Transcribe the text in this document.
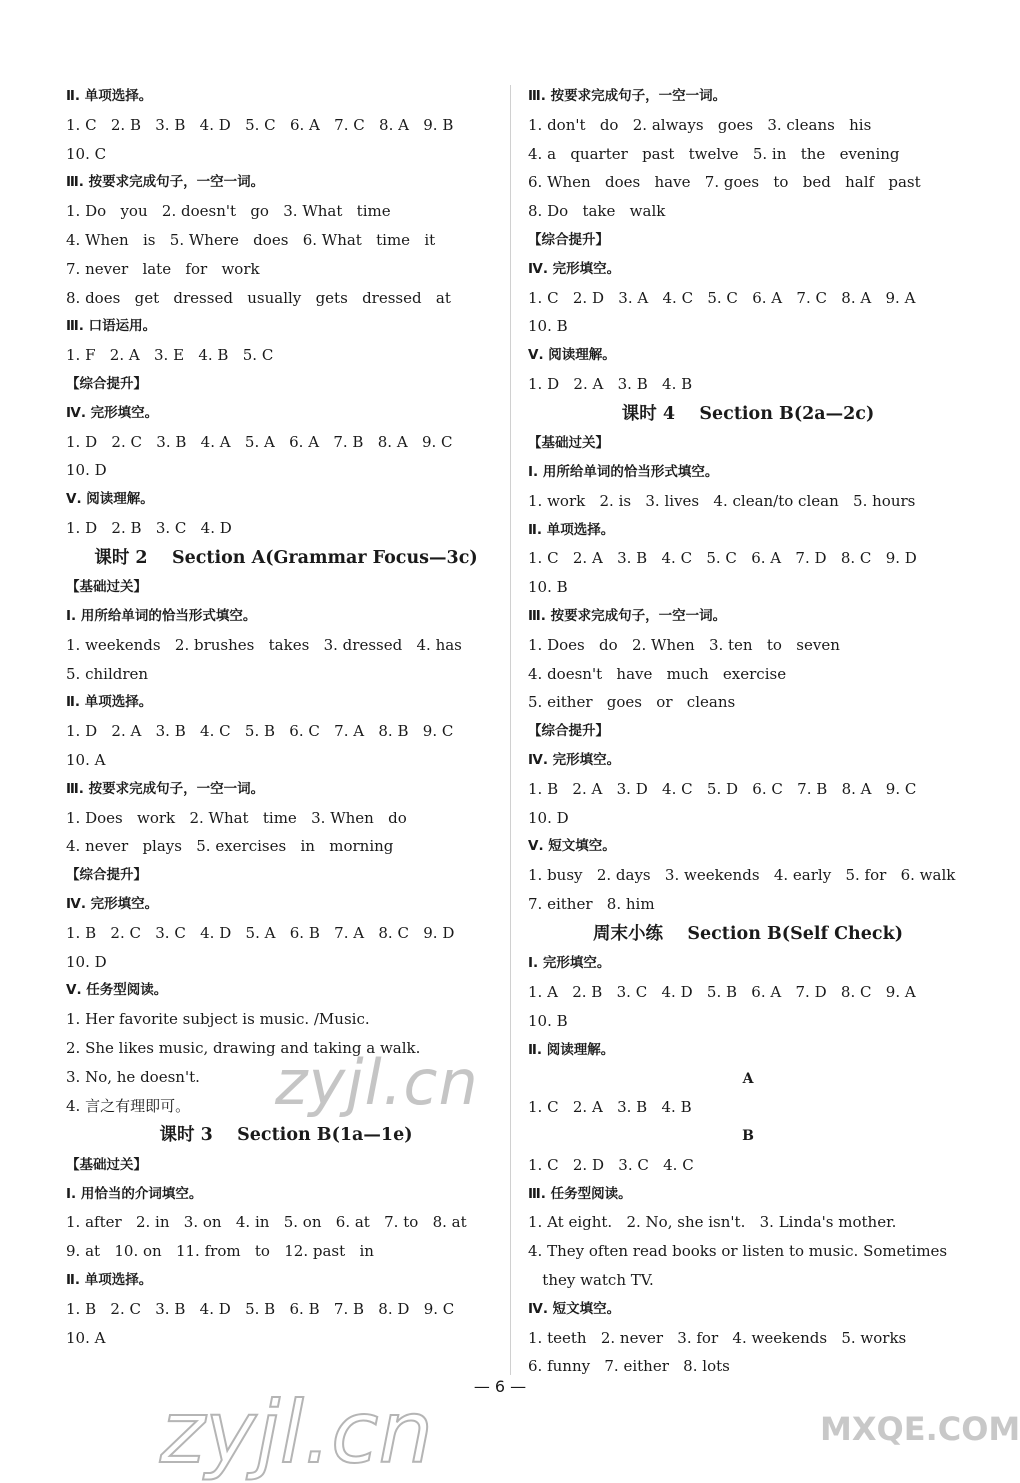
Ⅱ. 单项选择。
1. C   2. B   3. B   4. D   5. C   6. A   7. C   8. A   9. B
10. C
Ⅲ. 按要求完成句子，一空一词。
1. Do   you   2. doesn't   go   3. What   time
4. When   is   5. Where   does   6. What   time   it
7. never   late   for   work
8. does   get   dressed   usually   gets   dressed   at
Ⅲ. 口语运用。
1. F   2. A   3. E   4. B   5. C
【综合提升】
Ⅳ. 完形填空。
1. D   2. C   3. B   4. A   5. A   6. A   7. B   8. A   9. C
10. D
Ⅴ. 阅读理解。
1. D   2. B   3. C   4. D
课时 2    Section A(Grammar Focus—3c)
【基础过关】
Ⅰ. 用所给单词的恰当形式填空。
1. weekends   2. brushes   takes   3. dressed   4. has
5. children
Ⅱ. 单项选择。
1. D   2. A   3. B   4. C   5. B   6. C   7. A   8. B   9. C
10. A
Ⅲ. 按要求完成句子，一空一词。
1. Does   work   2. What   time   3. When   do
4. never   plays   5. exercises   in   morning
【综合提升】
Ⅳ. 完形填空。
1. B   2. C   3. C   4. D   5. A   6. B   7. A   8. C   9. D
10. D
Ⅴ. 任务型阅读。
1. Her favorite subject is music. /Music.
2. She likes music, drawing and taking a walk.
3. No, he doesn't.
4. 言之有理即可。
课时 3    Section B(1a—1e)
【基础过关】
Ⅰ. 用恰当的介词填空。
1. after   2. in   3. on   4. in   5. on   6. at   7. to   8. at
9. at   10. on   11. from   to   12. past   in
Ⅱ. 单项选择。
1. B   2. C   3. B   4. D   5. B   6. B   7. B   8. D   9. C
10. A
Ⅲ. 按要求完成句子，一空一词。
1. don't   do   2. always   goes   3. cleans   his
4. a   quarter   past   twelve   5. in   the   evening
6. When   does   have   7. goes   to   bed   half   past
8. Do   take   walk
【综合提升】
Ⅳ. 完形填空。
1. C   2. D   3. A   4. C   5. C   6. A   7. C   8. A   9. A
10. B
Ⅴ. 阅读理解。
1. D   2. A   3. B   4. B
课时 4    Section B(2a—2c)
【基础过关】
Ⅰ. 用所给单词的恰当形式填空。
1. work   2. is   3. lives   4. clean/to clean   5. hours
Ⅱ. 单项选择。
1. C   2. A   3. B   4. C   5. C   6. A   7. D   8. C   9. D
10. B
Ⅲ. 按要求完成句子，一空一词。
1. Does   do   2. When   3. ten   to   seven
4. doesn't   have   much   exercise
5. either   goes   or   cleans
【综合提升】
Ⅳ. 完形填空。
1. B   2. A   3. D   4. C   5. D   6. C   7. B   8. A   9. C
10. D
Ⅴ. 短文填空。
1. busy   2. days   3. weekends   4. early   5. for   6. walk
7. either   8. him
周末小练    Section B(Self Check)
Ⅰ. 完形填空。
1. A   2. B   3. C   4. D   5. B   6. A   7. D   8. C   9. A
10. B
Ⅱ. 阅读理解。
A
1. C   2. A   3. B   4. B
B
1. C   2. D   3. C   4. C
Ⅲ. 任务型阅读。
1. At eight.   2. No, she isn't.   3. Linda's mother.
4. They often read books or listen to music. Sometimes
they watch TV.
Ⅳ. 短文填空。
1. teeth   2. never   3. for   4. weekends   5. works
6. funny   7. either   8. lots
— 6 —
zyjl.cn
zyjl.cn	MXQE.COM
